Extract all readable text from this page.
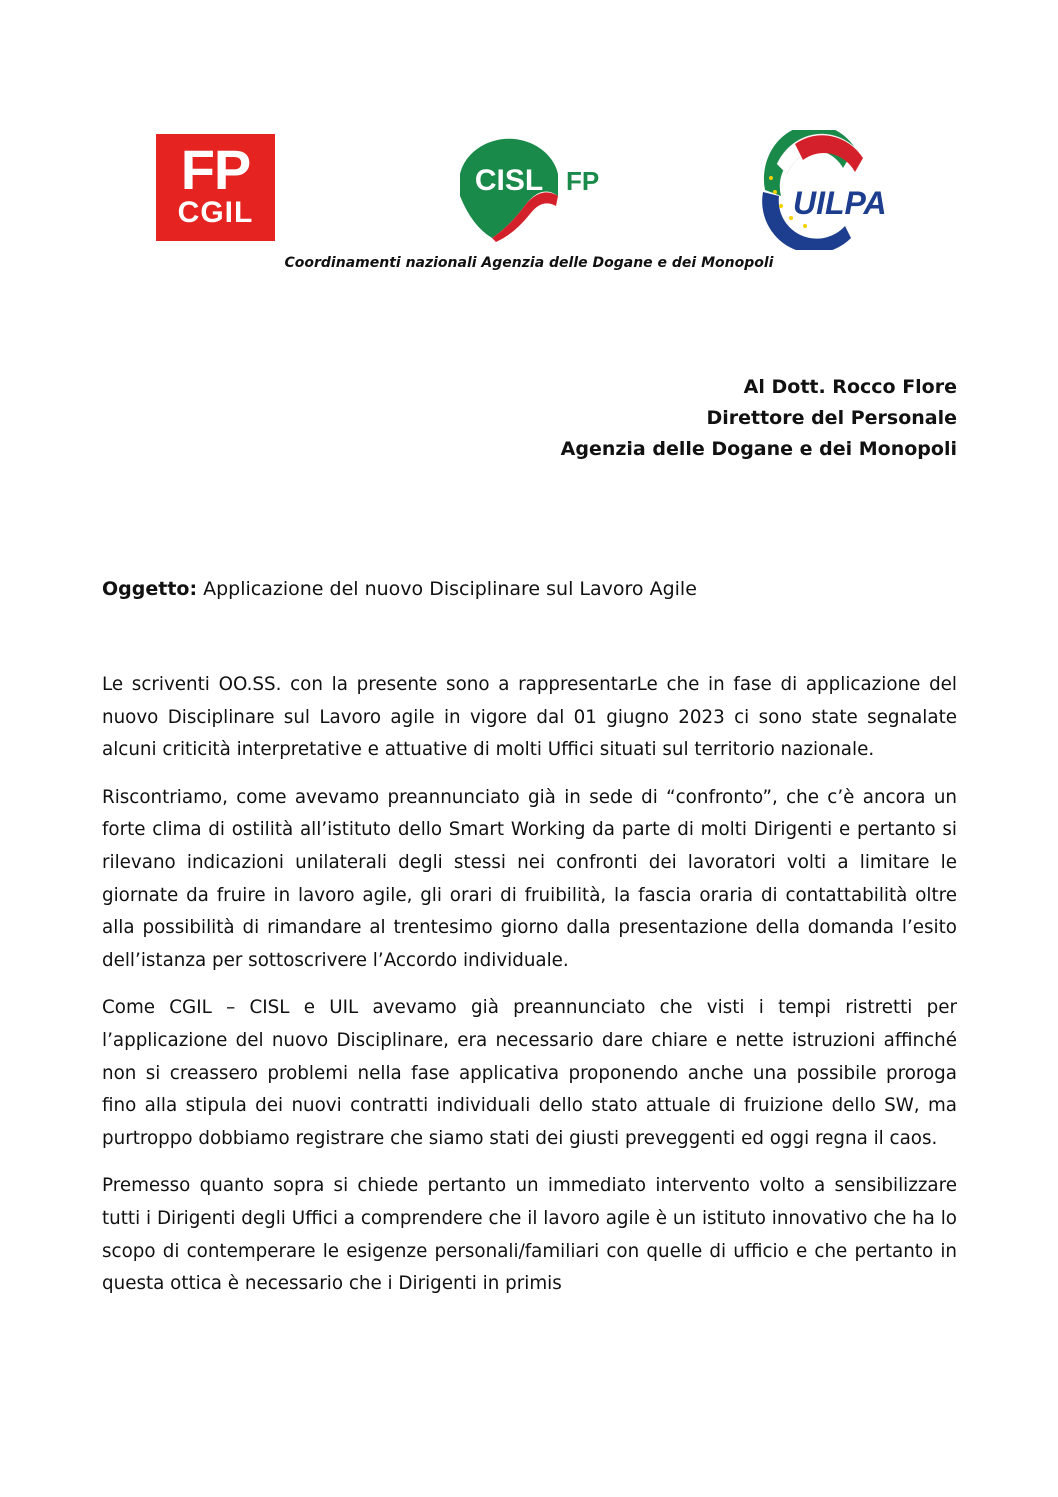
FP
CGIL
CISL FP
UILPA
Coordinamenti nazionali Agenzia delle Dogane e dei Monopoli
Al Dott. Rocco Flore
Direttore del Personale
Agenzia delle Dogane e dei Monopoli
Oggetto: Applicazione del nuovo Disciplinare sul Lavoro Agile

Le scriventi OO.SS. con la presente sono a rappresentarLe che in fase di applicazione del nuovo Disciplinare sul Lavoro agile in vigore dal 01 giugno 2023 ci sono state segnalate alcuni criticità interpretative e attuative di molti Uffici situati sul territorio nazionale.

Riscontriamo, come avevamo preannunciato già in sede di “confronto”, che c’è ancora un forte clima di ostilità all’istituto dello Smart Working da parte di molti Dirigenti e pertanto si rilevano indicazioni unilaterali degli stessi nei confronti dei lavoratori volti a limitare le giornate da fruire in lavoro agile, gli orari di fruibilità, la fascia oraria di contattabilità oltre alla possibilità di rimandare al trentesimo giorno dalla presentazione della domanda l’esito dell’istanza per sottoscrivere l’Accordo individuale.

Come CGIL – CISL e UIL avevamo già preannunciato che visti i tempi ristretti per l’applicazione del nuovo Disciplinare, era necessario dare chiare e nette istruzioni affinché non si creassero problemi nella fase applicativa proponendo anche una possibile proroga fino alla stipula dei nuovi contratti individuali dello stato attuale di fruizione dello SW, ma purtroppo dobbiamo registrare che siamo stati dei giusti preveggenti ed oggi regna il caos.

Premesso quanto sopra si chiede pertanto un immediato intervento volto a sensibilizzare tutti i Dirigenti degli Uffici a comprendere che il lavoro agile è un istituto innovativo che ha lo scopo di contemperare le esigenze personali/familiari con quelle di ufficio e che pertanto in questa ottica è necessario che i Dirigenti in primis
